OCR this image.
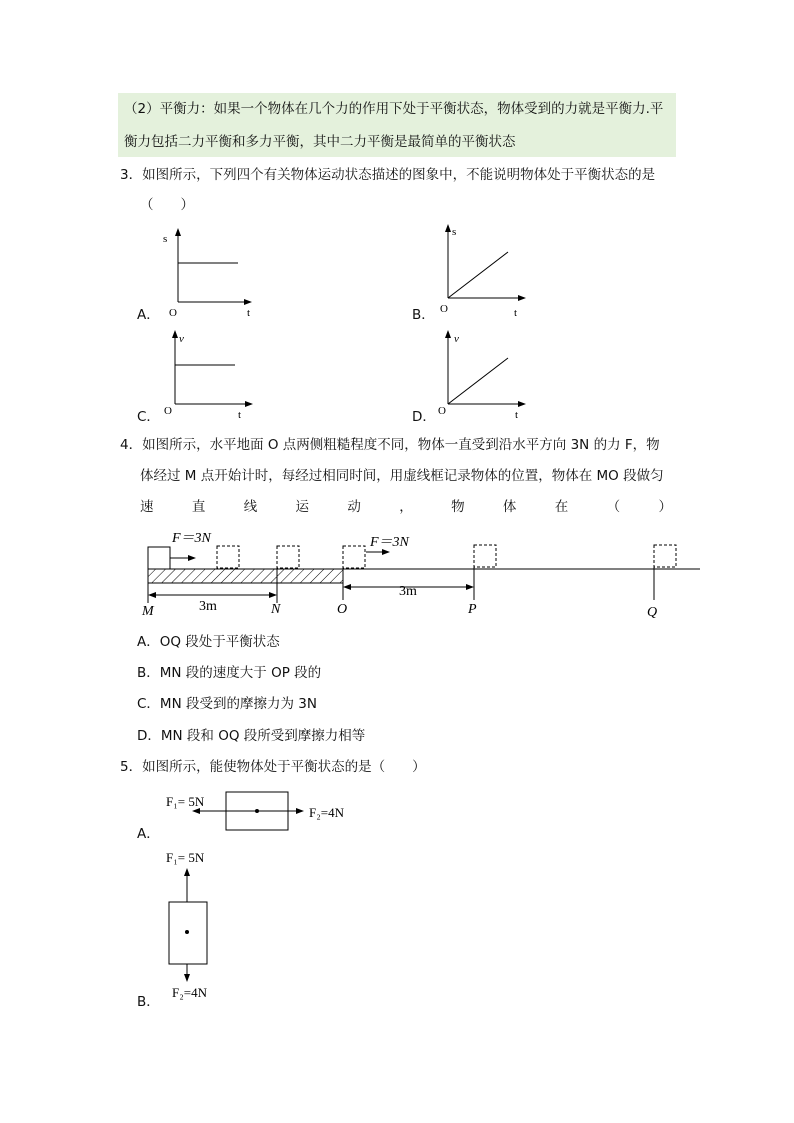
（2）平衡力：如果一个物体在几个力的作用下处于平衡状态，物体受到的力就是平衡力.平
衡力包括二力平衡和多力平衡，其中二力平衡是最简单的平衡状态
3．如图所示，下列四个有关物体运动状态描述的图象中，不能说明物体处于平衡状态的是
（　　）
A．
s
O	t	B．
s
O	t
C．
v
O	t	D．
v
O	t
4．如图所示，水平地面 O 点两侧粗糙程度不同，物体一直受到沿水平方向 3N 的力 F，物
体经过 M 点开始计时，每经过相同时间，用虚线框记录物体的位置，物体在 MO 段做匀
速	直	线	运	动	，	物	体	在	（	）
F＝3N	F＝3N
3m
3m
M	N	O	P	Q
A．OQ 段处于平衡状态
B．MN 段的速度大于 OP 段的
C．MN 段受到的摩擦力为 3N
D．MN 段和 OQ 段所受到摩擦力相等
5．如图所示，能使物体处于平衡状态的是（　　）
A．
F₁= 5N
F₂=4N
B．
F₁= 5N
F₂=4N
